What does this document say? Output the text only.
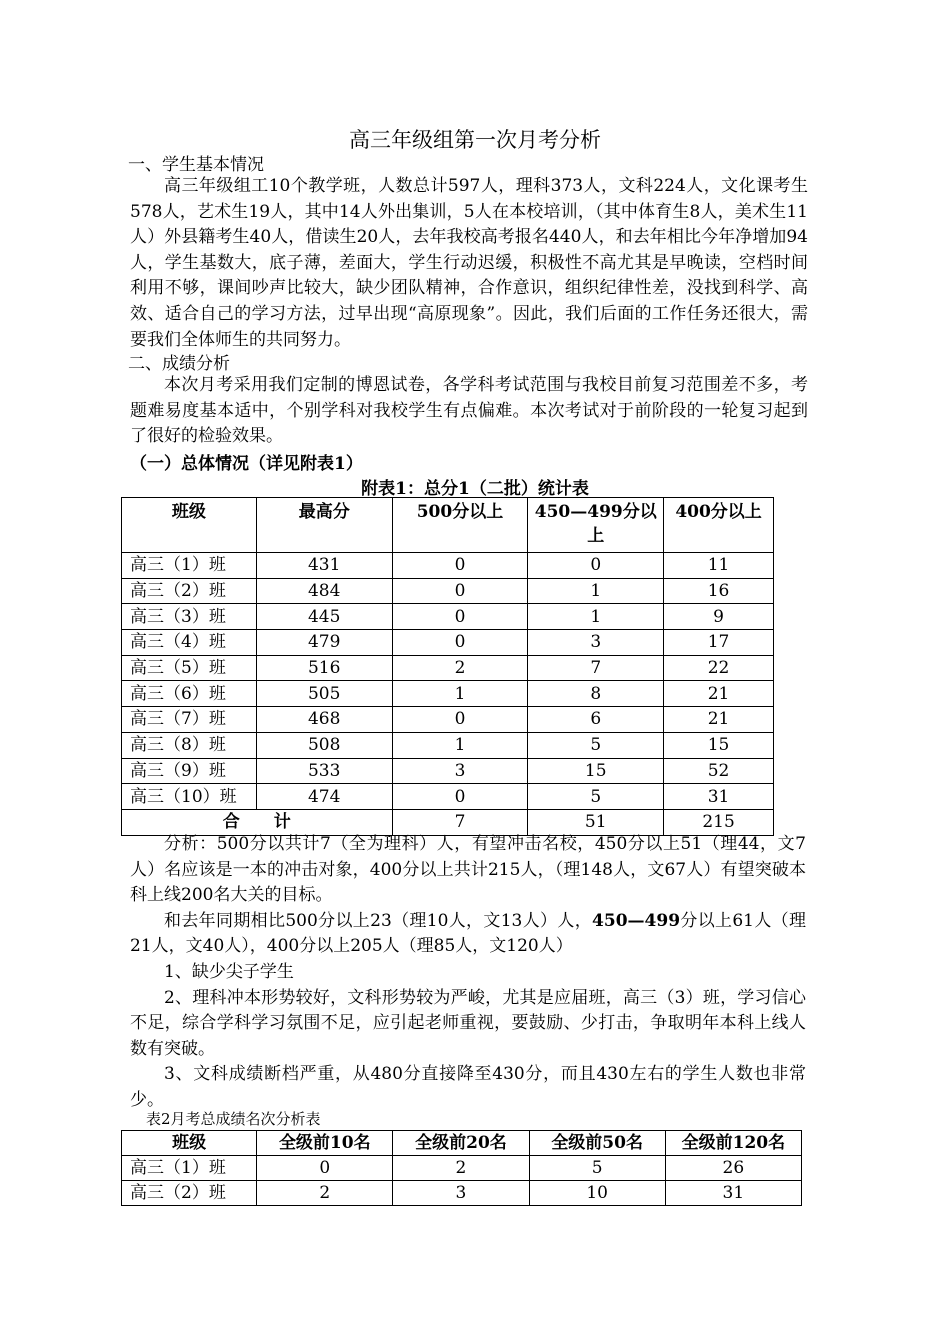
高三年级组第一次月考分析
一、学生基本情况

高三年级组工10个教学班，人数总计597人，理科373人，文科224人，文化课考生578人，艺术生19人，其中14人外出集训，5人在本校培训，（其中体育生8人，美术生11人）外县籍考生40人，借读生20人，去年我校高考报名440人，和去年相比今年净增加94人，学生基数大，底子薄，差面大，学生行动迟缓，积极性不高尤其是早晚读，空档时间利用不够，课间吵声比较大，缺少团队精神，合作意识，组织纪律性差，没找到科学、高效、适合自己的学习方法，过早出现“高原现象”。因此，我们后面的工作任务还很大，需要我们全体师生的共同努力。

二、成绩分析

本次月考采用我们定制的博恩试卷，各学科考试范围与我校目前复习范围差不多，考题难易度基本适中，个别学科对我校学生有点偏难。本次考试对于前阶段的一轮复习起到了很好的检验效果。

（一）总体情况（详见附表1）
附表1：总分1（二批）统计表
班级	最高分	500分以上	450—499分以上	400分以上
高三（1）班	431	0	0	11
高三（2）班	484	0	1	16
高三（3）班	445	0	1	9
高三（4）班	479	0	3	17
高三（5）班	516	2	7	22
高三（6）班	505	1	8	21
高三（7）班	468	0	6	21
高三（8）班	508	1	5	15
高三（9）班	533	3	15	52
高三（10）班	474	0	5	31
合　　计		7	51	215

分析：500分以共计7（全为理科）人，有望冲击名校，450分以上51（理44，文7人）名应该是一本的冲击对象，400分以上共计215人，（理148人，文67人）有望突破本科上线200名大关的目标。

和去年同期相比500分以上23（理10人，文13人）人，450—499分以上61人（理21人，文40人），400分以上205人（理85人，文120人）

1、缺少尖子学生

2、理科冲本形势较好，文科形势较为严峻，尤其是应届班，高三（3）班，学习信心不足，综合学科学习氛围不足，应引起老师重视，要鼓励、少打击，争取明年本科上线人数有突破。

3、文科成绩断档严重，从480分直接降至430分，而且430左右的学生人数也非常少。

表2月考总成绩名次分析表
班级	全级前10名	全级前20名	全级前50名	全级前120名
高三（1）班	0	2	5	26
高三（2）班	2	3	10	31
